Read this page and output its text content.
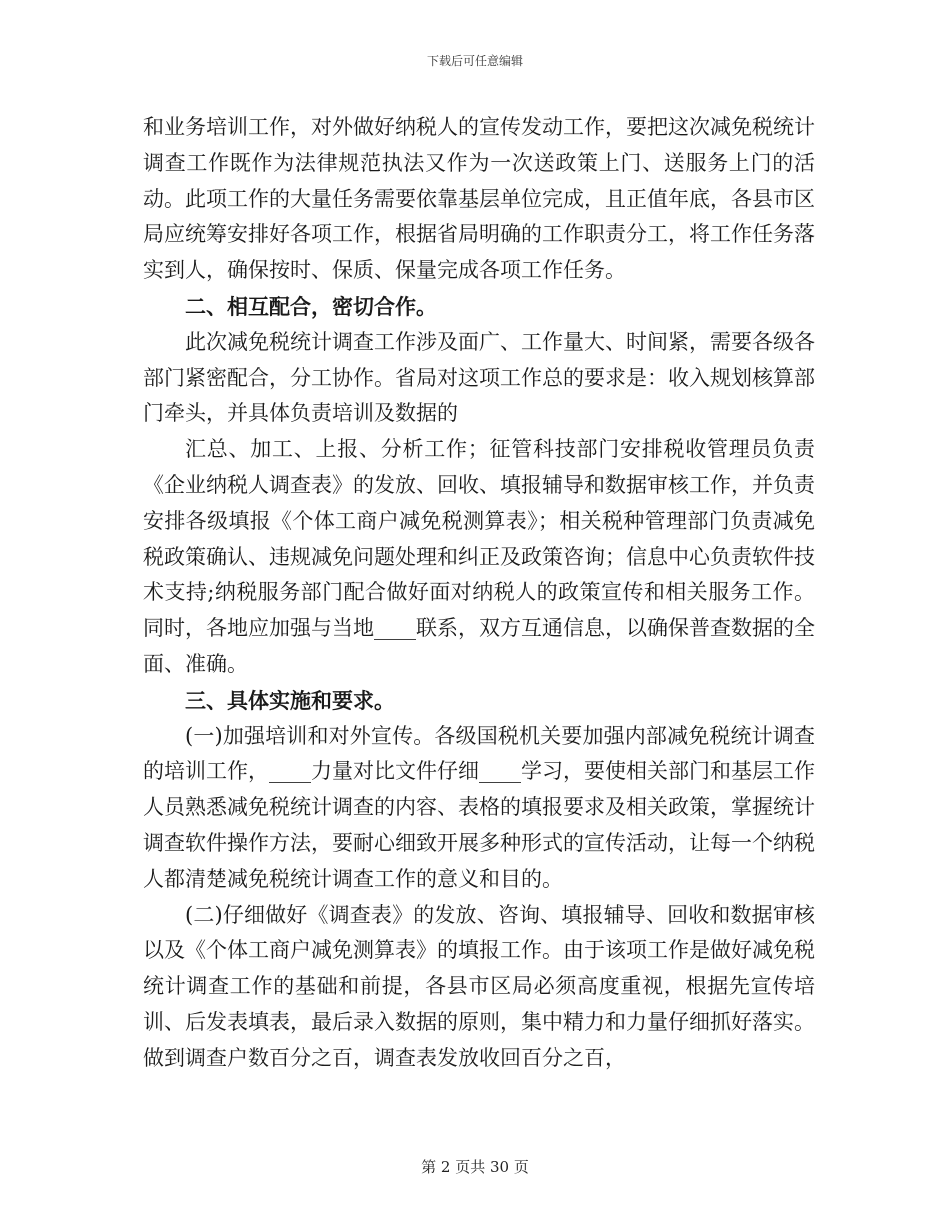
下载后可任意编辑

和业务培训工作，对外做好纳税人的宣传发动工作，要把这次减免税统计调查工作既作为法律规范执法又作为一次送政策上门、送服务上门的活动。此项工作的大量任务需要依靠基层单位完成，且正值年底，各县市区局应统筹安排好各项工作，根据省局明确的工作职责分工，将工作任务落实到人，确保按时、保质、保量完成各项工作任务。

二、相互配合，密切合作。

此次减免税统计调查工作涉及面广、工作量大、时间紧，需要各级各部门紧密配合，分工协作。省局对这项工作总的要求是：收入规划核算部门牵头，并具体负责培训及数据的

汇总、加工、上报、分析工作；征管科技部门安排税收管理员负责《企业纳税人调查表》的发放、回收、填报辅导和数据审核工作，并负责安排各级填报《个体工商户减免税测算表》；相关税种管理部门负责减免税政策确认、违规减免问题处理和纠正及政策咨询；信息中心负责软件技术支持;纳税服务部门配合做好面对纳税人的政策宣传和相关服务工作。同时，各地应加强与当地____联系，双方互通信息，以确保普查数据的全面、准确。

三、具体实施和要求。

(一)加强培训和对外宣传。各级国税机关要加强内部减免税统计调查的培训工作，____力量对比文件仔细____学习，要使相关部门和基层工作人员熟悉减免税统计调查的内容、表格的填报要求及相关政策，掌握统计调查软件操作方法，要耐心细致开展多种形式的宣传活动，让每一个纳税人都清楚减免税统计调查工作的意义和目的。

(二)仔细做好《调查表》的发放、咨询、填报辅导、回收和数据审核以及《个体工商户减免测算表》的填报工作。由于该项工作是做好减免税统计调查工作的基础和前提，各县市区局必须高度重视，根据先宣传培训、后发表填表，最后录入数据的原则，集中精力和力量仔细抓好落实。做到调查户数百分之百，调查表发放收回百分之百，

第 2 页共 30 页
